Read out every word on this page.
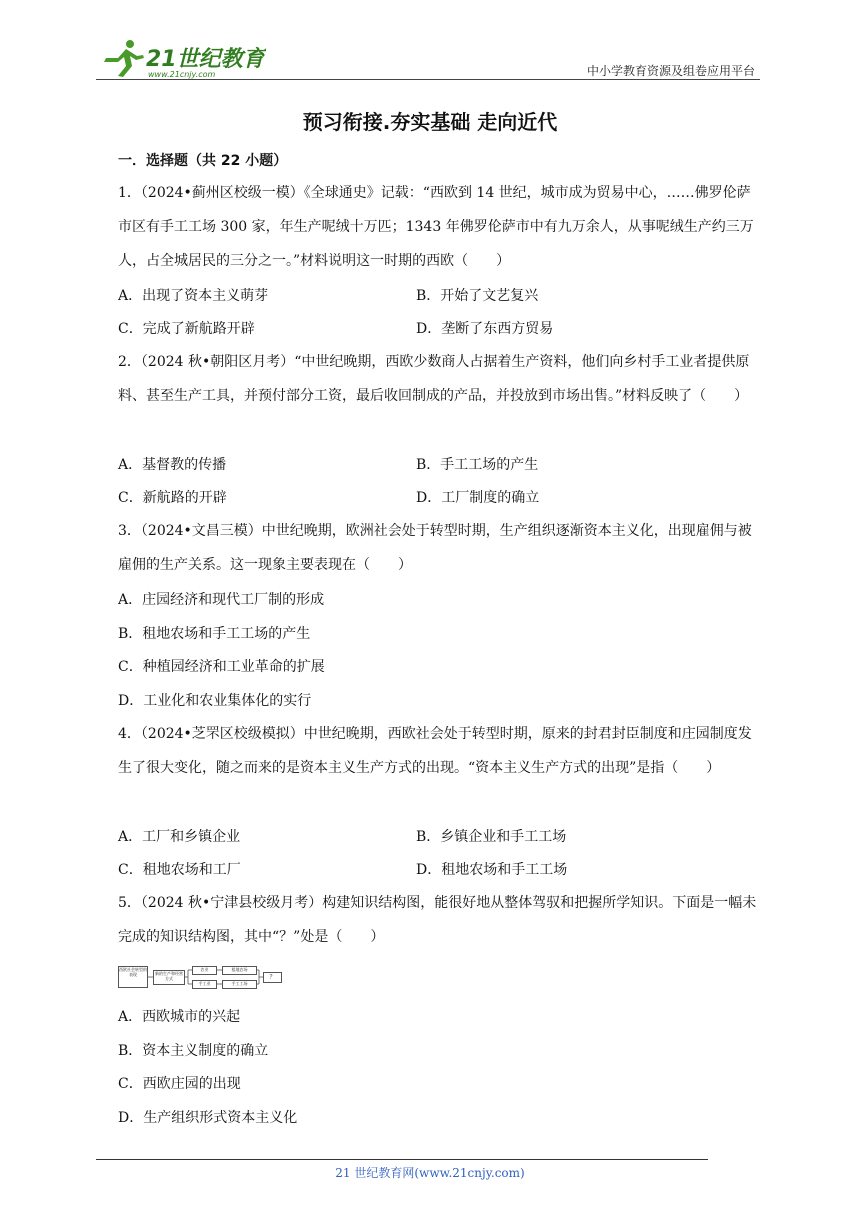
21世纪教育
www.21cnjy.com	中小学教育资源及组卷应用平台
预习衔接.夯实基础 走向近代
一．选择题（共 22 小题）
1．（2024•蓟州区校级一模）《全球通史》记载：“西欧到 14 世纪，城市成为贸易中心，……佛罗伦萨市区有手工工场 300 家，年生产呢绒十万匹；1343 年佛罗伦萨市中有九万余人，从事呢绒生产约三万人，占全城居民的三分之一。”材料说明这一时期的西欧（　　）
A．出现了资本主义萌芽	B．开始了文艺复兴
C．完成了新航路开辟	D．垄断了东西方贸易
2．（2024 秋•朝阳区月考）“中世纪晚期，西欧少数商人占据着生产资料，他们向乡村手工业者提供原料、甚至生产工具，并预付部分工资，最后收回制成的产品，并投放到市场出售。”材料反映了（　　）
A．基督教的传播	B．手工工场的产生
C．新航路的开辟	D．工厂制度的确立
3．（2024•文昌三模）中世纪晚期，欧洲社会处于转型时期，生产组织逐渐资本主义化，出现雇佣与被雇佣的生产关系。这一现象主要表现在（　　）
A．庄园经济和现代工厂制的形成
B．租地农场和手工工场的产生
C．种植园经济和工业革命的扩展
D．工业化和农业集体化的实行
4．（2024•芝罘区校级模拟）中世纪晚期，西欧社会处于转型时期，原来的封君封臣制度和庄园制度发生了很大变化，随之而来的是资本主义生产方式的出现。“资本主义生产方式的出现”是指（　　）
A．工厂和乡镇企业	B．乡镇企业和手工工场
C．租地农场和工厂	D．租地农场和手工工场
5．（2024 秋•宁津县校级月考）构建知识结构图，能很好地从整体驾驭和把握所学知识。下面是一幅未完成的知识结构图，其中“？”处是（　　）
西欧社会转型的表现	新的生产和经营方式
农业	租地农场
手工业	手工工场
？
A．西欧城市的兴起
B．资本主义制度的确立
C．西欧庄园的出现
D．生产组织形式资本主义化
21 世纪教育网(www.21cnjy.com)
